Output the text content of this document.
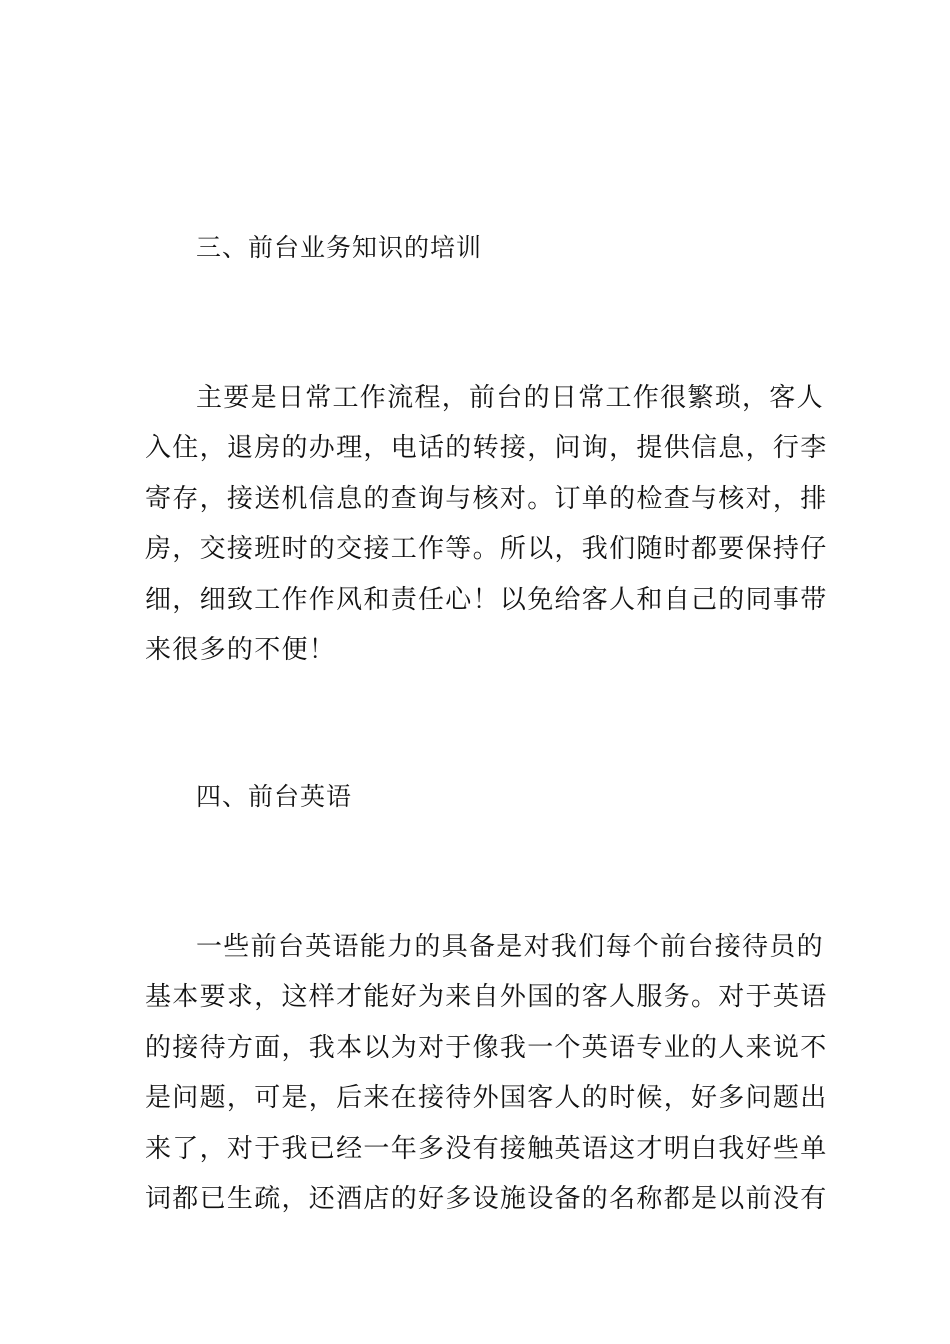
三、前台业务知识的培训
主要是日常工作流程，前台的日常工作很繁琐，客人
入住，退房的办理，电话的转接，问询，提供信息，行李
寄存，接送机信息的查询与核对。订单的检查与核对，排
房，交接班时的交接工作等。所以，我们随时都要保持仔
细，细致工作作风和责任心！以免给客人和自己的同事带
来很多的不便！
四、前台英语
一些前台英语能力的具备是对我们每个前台接待员的
基本要求，这样才能好为来自外国的客人服务。对于英语
的接待方面，我本以为对于像我一个英语专业的人来说不
是问题，可是，后来在接待外国客人的时候，好多问题出
来了，对于我已经一年多没有接触英语这才明白我好些单
词都已生疏，还酒店的好多设施设备的名称都是以前没有
